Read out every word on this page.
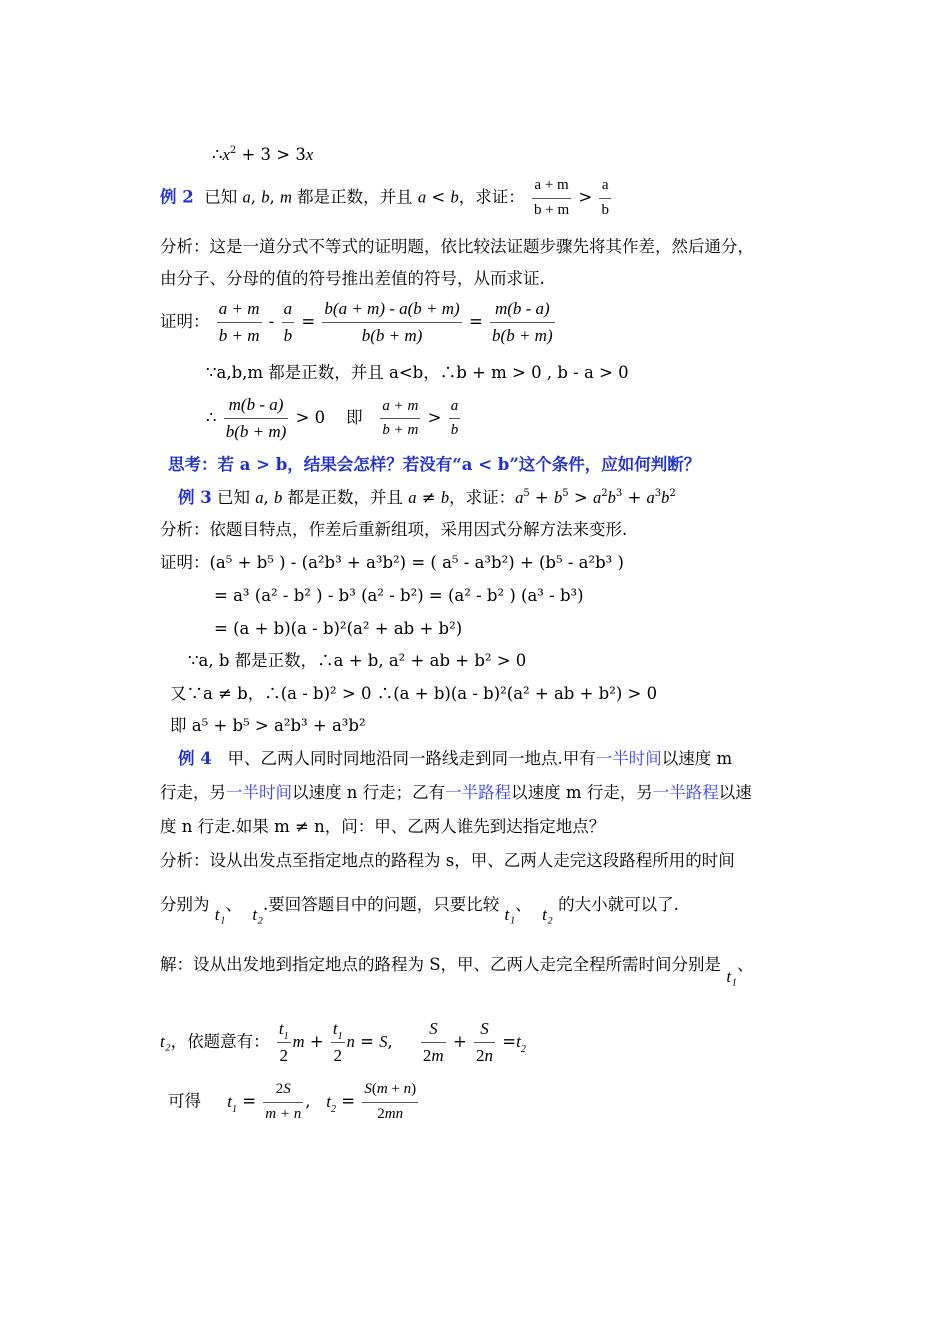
$\therefore x^2 + 3 > 3x$
例 2  已知 a, b, m 都是正数，并且 a < b，求证： $\frac{a + m}{b + m} > \frac{a}{b}$
分析：这是一道分式不等式的证明题，依比较法证题步骤先将其作差，然后通分，
由分子、分母的值的符号推出差值的符号，从而求证.
证明： $\frac{a + m}{b + m} - \frac{a}{b} = \frac{b(a + m) - a(b + m)}{b(b + m)} = \frac{m(b - a)}{b(b + m)}$
∵a,b,m 都是正数，并且 a<b，∴b + m > 0 , b - a > 0
∴ $\frac{m(b - a)}{b(b + m)} > 0$ 即 $\frac{a + m}{b + m} > \frac{a}{b}$
思考：若 a > b，结果会怎样？若没有“a < b”这个条件，应如何判断？
例 3 已知 a, b 都是正数，并且 a ≠ b，求证：$a^5 + b^5 > a^2b^3 + a^3b^2$
分析：依题目特点，作差后重新组项，采用因式分解方法来变形.
证明：(a⁵ + b⁵ ) - (a²b³ + a³b²) = ( a⁵ - a³b²) + (b⁵ - a²b³ )
= a³ (a² - b² ) - b³ (a² - b²) = (a² - b² ) (a³ - b³)
= (a + b)(a - b)²(a² + ab + b²)
∵a, b 都是正数，∴a + b, a² + ab + b² > 0
又∵a ≠ b，∴(a - b)² > 0 ∴(a + b)(a - b)²(a² + ab + b²) > 0
即 a⁵ + b⁵ > a²b³ + a³b²
例 4 甲、乙两人同时同地沿同一路线走到同一地点.甲有一半时间以速度 m
行走，另一半时间以速度 n 行走；乙有一半路程以速度 m 行走，另一半路程以速
度 n 行走.如果 m ≠ n，问：甲、乙两人谁先到达指定地点？
分析：设从出发点至指定地点的路程为 s，甲、乙两人走完这段路程所用的时间
分别为 t₁、  t₂.要回答题目中的问题，只要比较 t₁、  t₂ 的大小就可以了.
解：设从出发地到指定地点的路程为 S，甲、乙两人走完全程所需时间分别是 t₁、
t₂，依题意有： $\frac{t_1}{2}$ $m + \frac{t_1}{2}$ n = S, $\frac{S}{2m} + \frac{S}{2n} =t_2$
可得 $t_1 = \frac{2S}{m + n}$ ,   $t_2 = \frac{S(m + n)}{2mn}$
